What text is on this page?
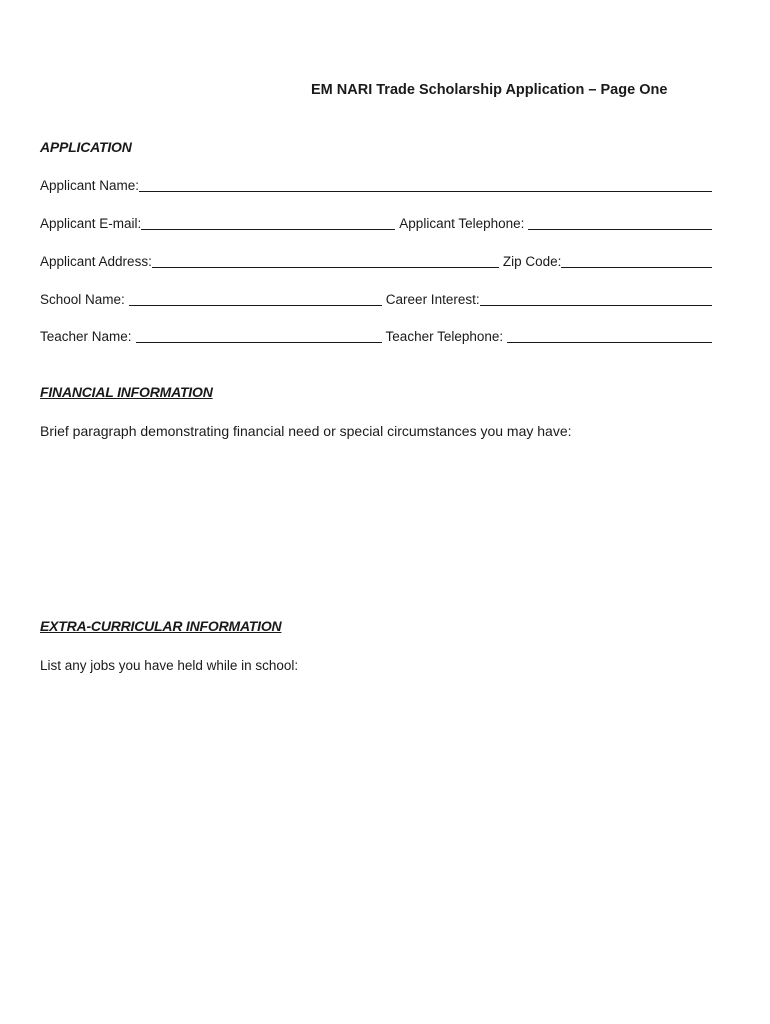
EM NARI Trade Scholarship Application – Page One
APPLICATION
Applicant Name:
Applicant E-mail:	Applicant Telephone:
Applicant Address:	Zip Code:
School Name:	Career Interest:
Teacher Name:	Teacher Telephone:
FINANCIAL INFORMATION
Brief paragraph demonstrating financial need or special circumstances you may have:
EXTRA-CURRICULAR INFORMATION
List any jobs you have held while in school:
